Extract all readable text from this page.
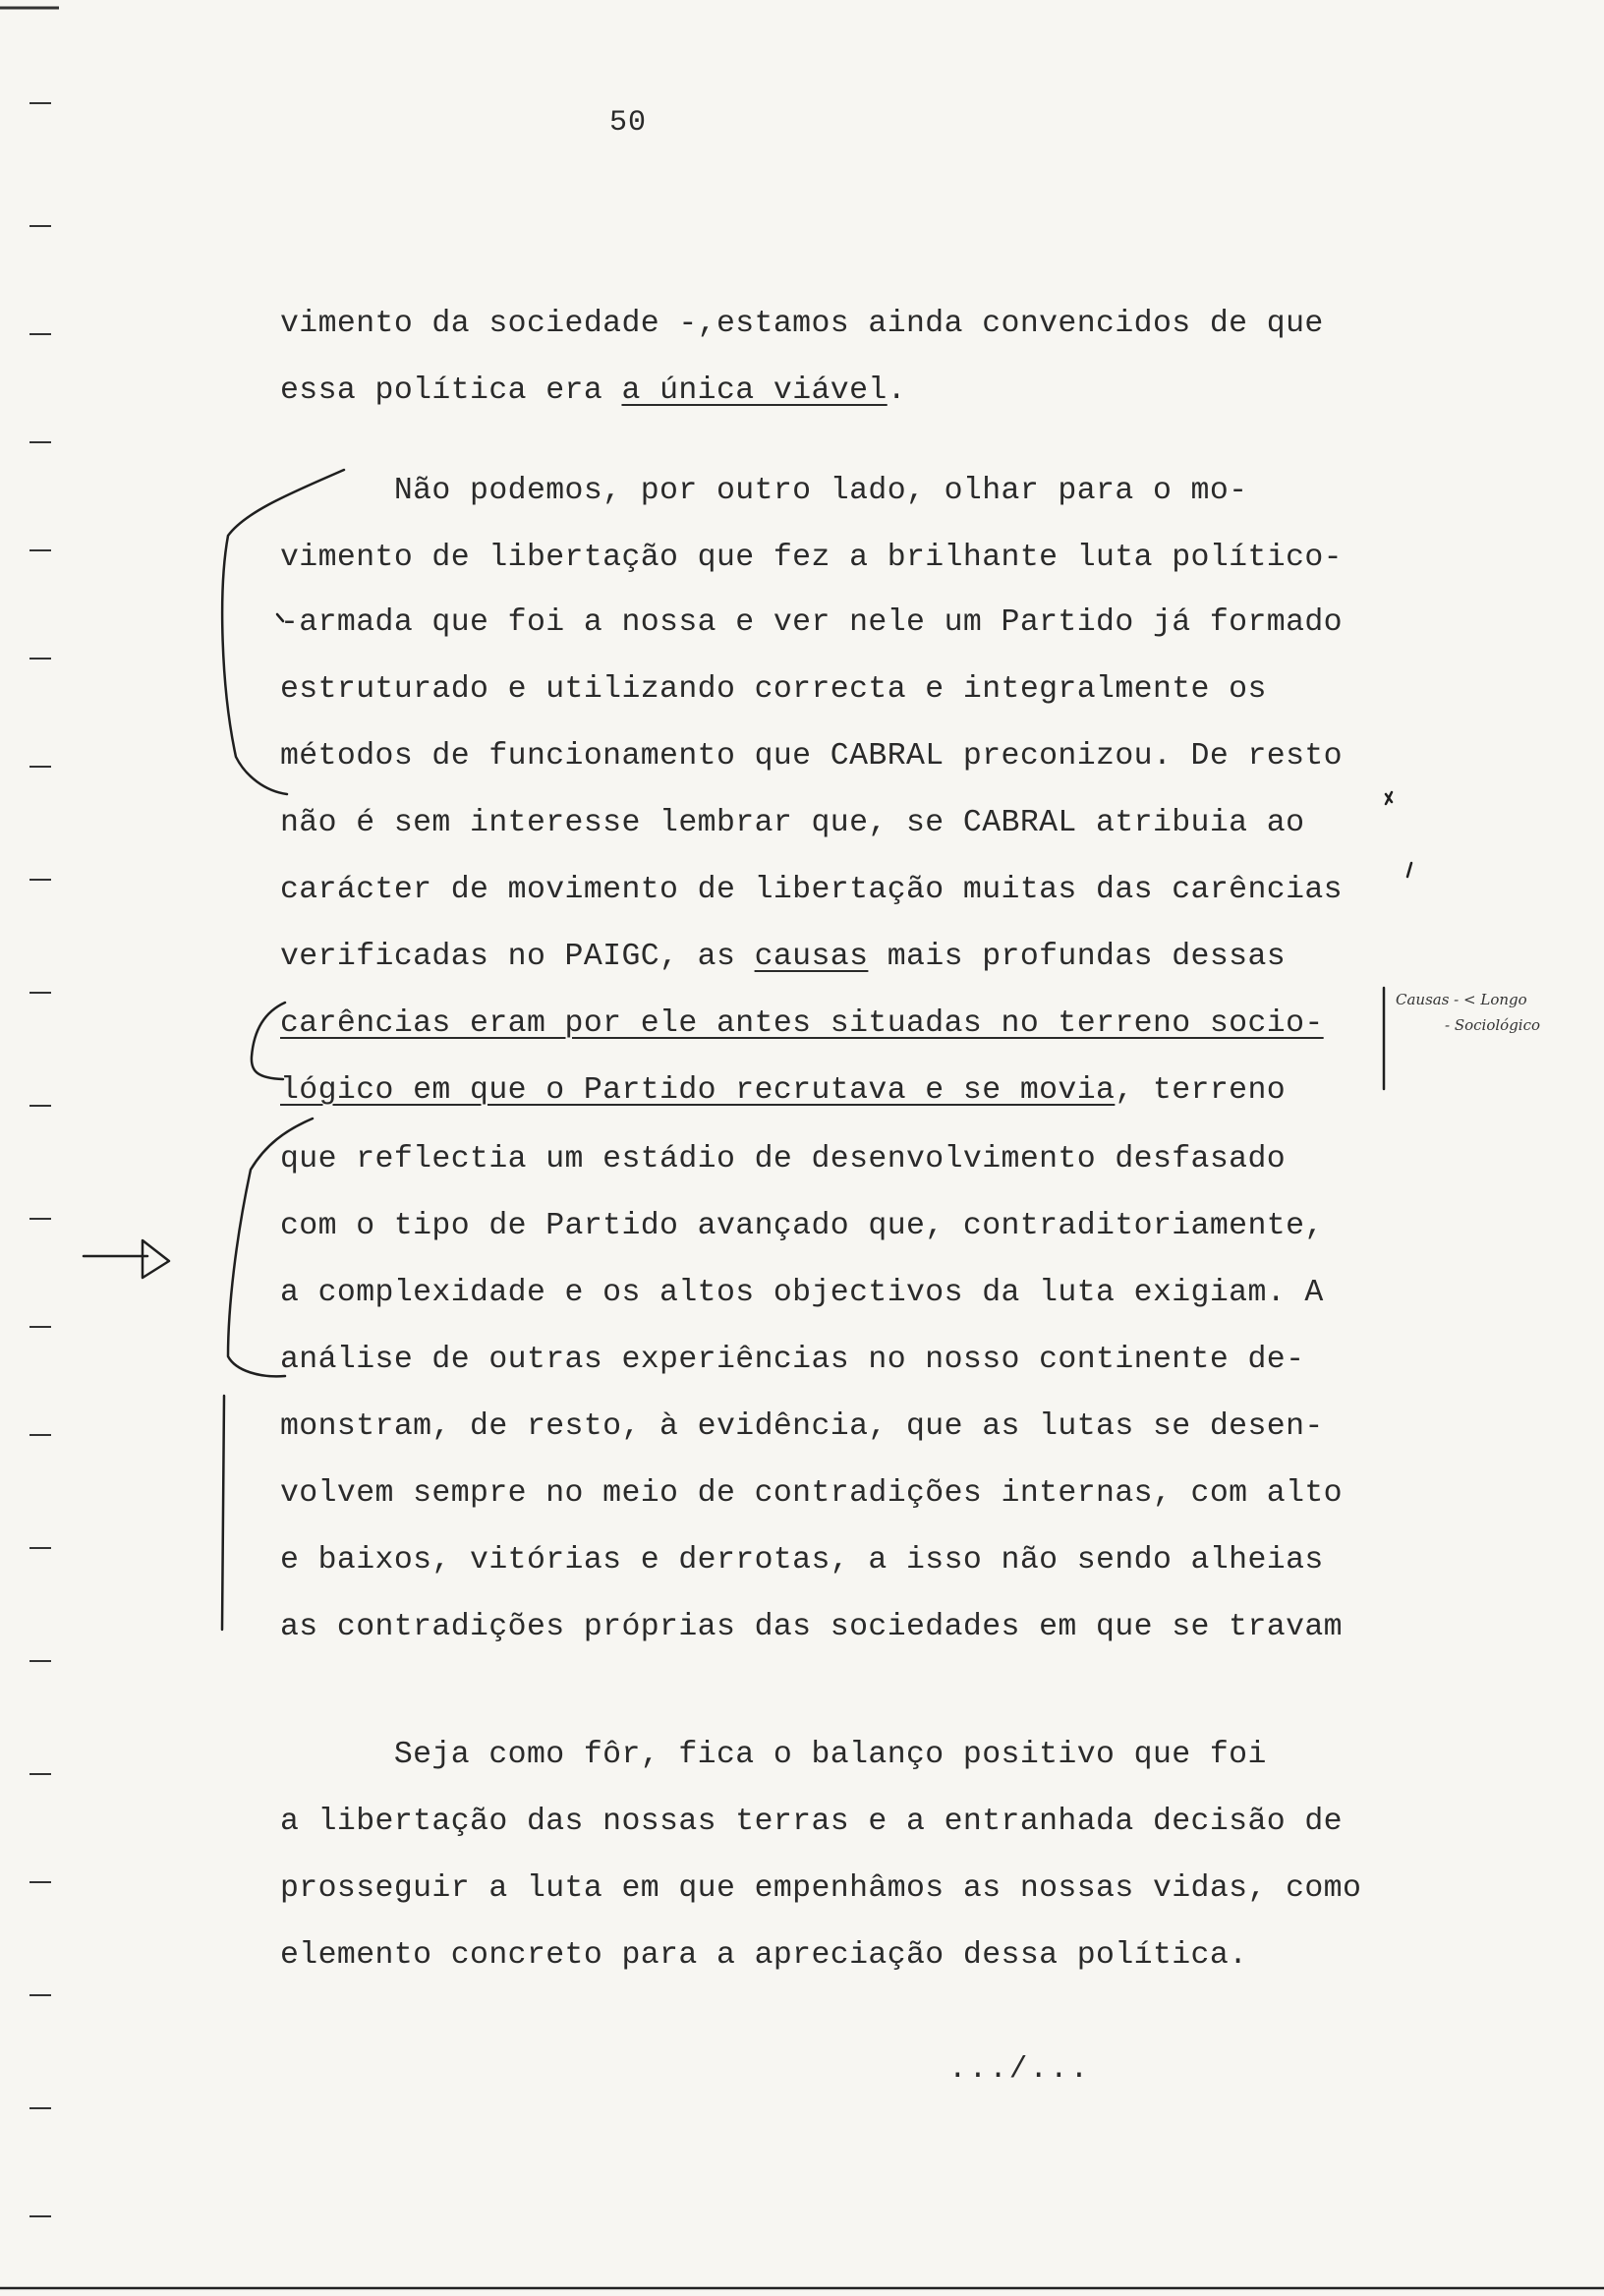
50
vimento da sociedade -,estamos ainda convencidos de que
essa política era a única viável.
Não podemos, por outro lado, olhar para o mo-
vimento de libertação que fez a brilhante luta político-
-armada que foi a nossa e ver nele um Partido já formado
estruturado e utilizando correcta e integralmente os
métodos de funcionamento que CABRAL preconizou. De resto
não é sem interesse lembrar que, se CABRAL atribuia ao
carácter de movimento de libertação muitas das carências
verificadas no PAIGC, as causas mais profundas dessas
carências eram por ele antes situadas no terreno socio-
lógico em que o Partido recrutava e se movia, terreno
que reflectia um estádio de desenvolvimento desfasado
com o tipo de Partido avançado que, contraditoriamente,
a complexidade e os altos objectivos da luta exigiam. A
análise de outras experiências no nosso continente de-
monstram, de resto, à evidência, que as lutas se desen-
volvem sempre no meio de contradições internas, com alto
e baixos, vitórias e derrotas, a isso não sendo alheias
as contradições próprias das sociedades em que se travam
Seja como fôr, fica o balanço positivo que foi
a libertação das nossas terras e a entranhada decisão de
prosseguir a luta em que empenhâmos as nossas vidas, como
elemento concreto para a apreciação dessa política.
.../...
Causas - < Longo
- Sociológico
